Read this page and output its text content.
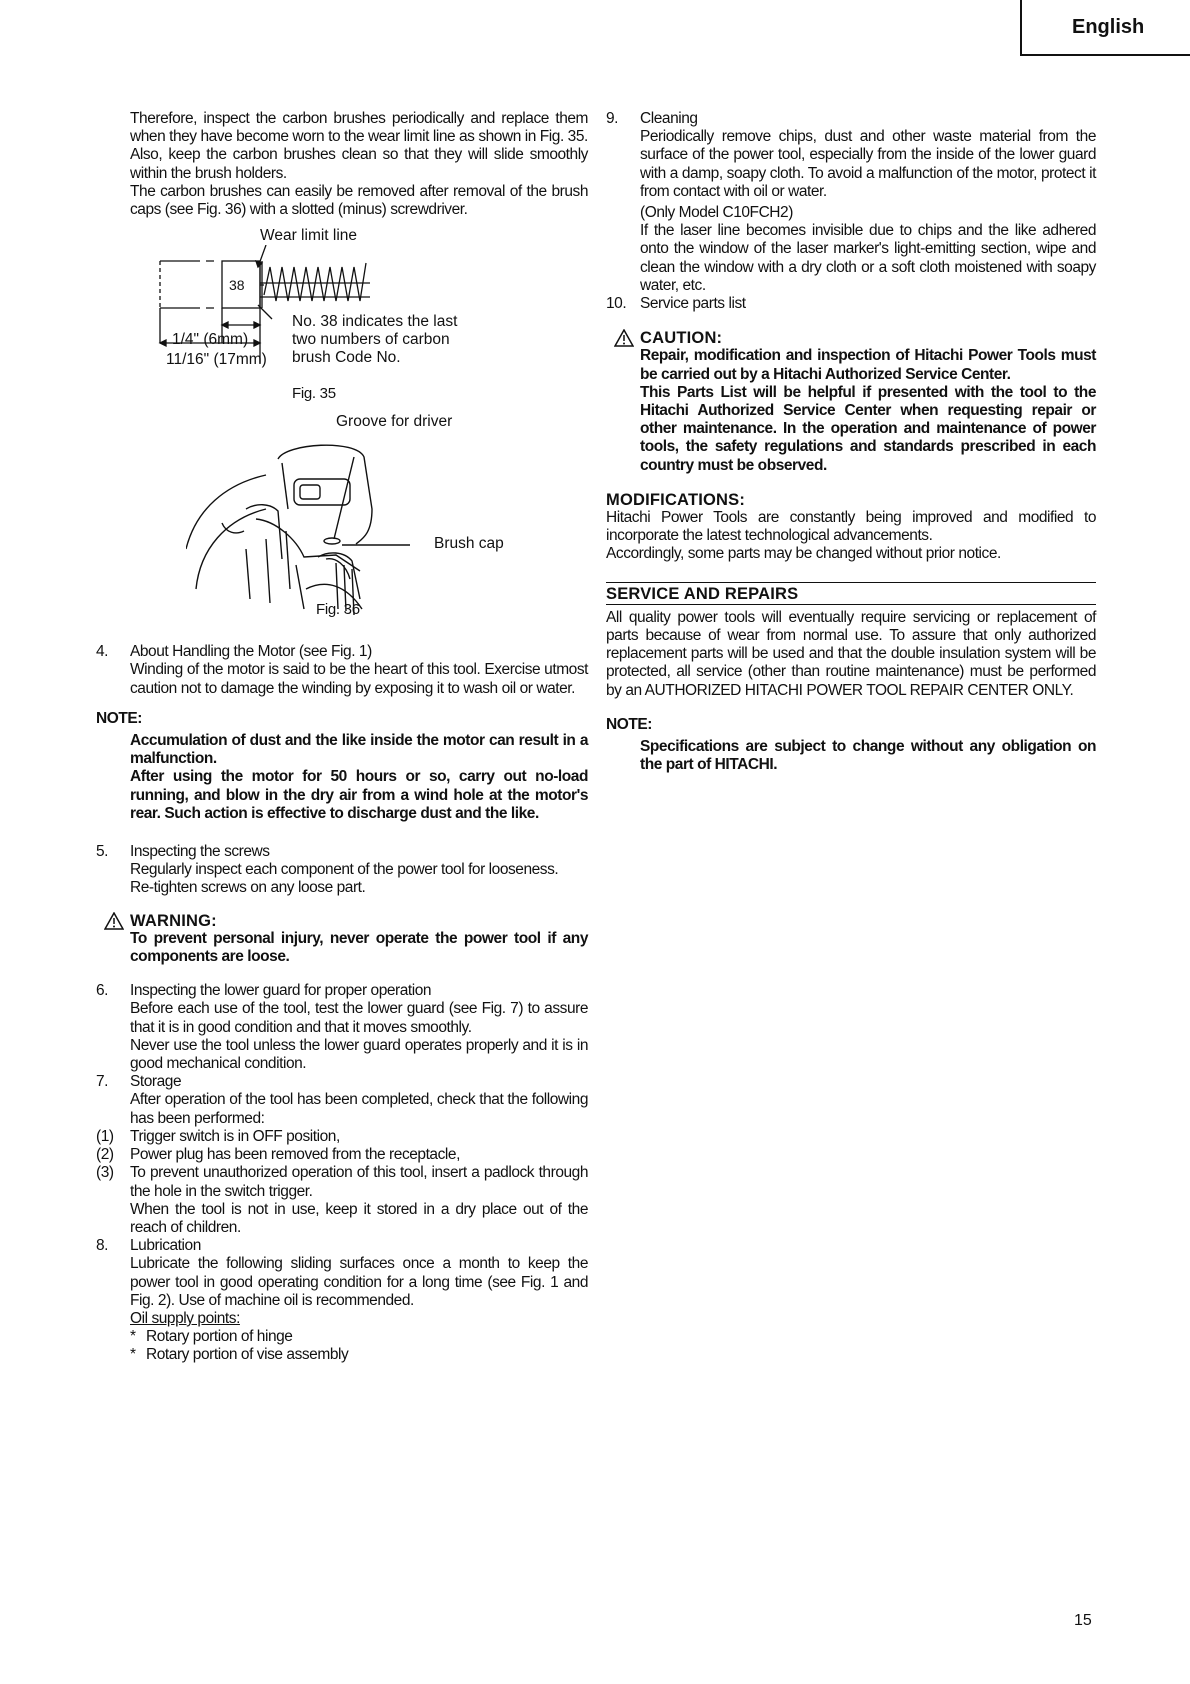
English

Therefore, inspect the carbon brushes periodically and replace them when they have become worn to the wear limit line as shown in Fig. 35.

Also, keep the carbon brushes clean so that they will slide smoothly within the brush holders.

The carbon brushes can easily be removed after removal of the brush caps (see Fig. 36) with a slotted (minus) screwdriver.

Wear limit line
38
1/4" (6mm)
11/16" (17mm)
No. 38 indicates the last two numbers of carbon brush Code No.
Fig. 35
Groove for driver
Brush cap
Fig. 36
4.	About Handling the Motor (see Fig. 1)

Winding of the motor is said to be the heart of this tool. Exercise utmost caution not to damage the winding by exposing it to wash oil or water.

NOTE:

Accumulation of dust and the like inside the motor can result in a malfunction.

After using the motor for 50 hours or so, carry out no-load running, and blow in the dry air from a wind hole at the motor's rear. Such action is effective to discharge dust and the like.

5.	Inspecting the screws

Regularly inspect each component of the power tool for looseness.

Re-tighten screws on any loose part.

WARNING:

To prevent personal injury, never operate the power tool if any components are loose.

6.	Inspecting the lower guard for proper operation

Before each use of the tool, test the lower guard (see Fig. 7) to assure that it is in good condition and that it moves smoothly.

Never use the tool unless the lower guard operates properly and it is in good mechanical condition.

7.	Storage

After operation of the tool has been completed, check that the following has been performed:

(1)	Trigger switch is in OFF position,
(2)	Power plug has been removed from the receptacle,
(3)	To prevent unauthorized operation of this tool, insert a padlock through the hole in the switch trigger.

When the tool is not in use, keep it stored in a dry place out of the reach of children.

8.	Lubrication

Lubricate the following sliding surfaces once a month to keep the power tool in good operating condition for a long time (see Fig. 1 and Fig. 2). Use of machine oil is recommended.

Oil supply points:

* Rotary portion of hinge
* Rotary portion of vise assembly
9.	Cleaning

Periodically remove chips, dust and other waste material from the surface of the power tool, especially from the inside of the lower guard with a damp, soapy cloth. To avoid a malfunction of the motor, protect it from contact with oil or water.

(Only Model C10FCH2)

If the laser line becomes invisible due to chips and the like adhered onto the window of the laser marker's light-emitting section, wipe and clean the window with a dry cloth or a soft cloth moistened with soapy water, etc.

10. Service parts list

CAUTION:

Repair, modification and inspection of Hitachi Power Tools must be carried out by a Hitachi Authorized Service Center.

This Parts List will be helpful if presented with the tool to the Hitachi Authorized Service Center when requesting repair or other maintenance. In the operation and maintenance of power tools, the safety regulations and standards prescribed in each country must be observed.

MODIFICATIONS:

Hitachi Power Tools are constantly being improved and modified to incorporate the latest technological advancements.

Accordingly, some parts may be changed without prior notice.

SERVICE AND REPAIRS

All quality power tools will eventually require servicing or replacement of parts because of wear from normal use. To assure that only authorized replacement parts will be used and that the double insulation system will be protected, all service (other than routine maintenance) must be performed by an AUTHORIZED HITACHI POWER TOOL REPAIR CENTER ONLY.

NOTE:

Specifications are subject to change without any obligation on the part of HITACHI.

15
